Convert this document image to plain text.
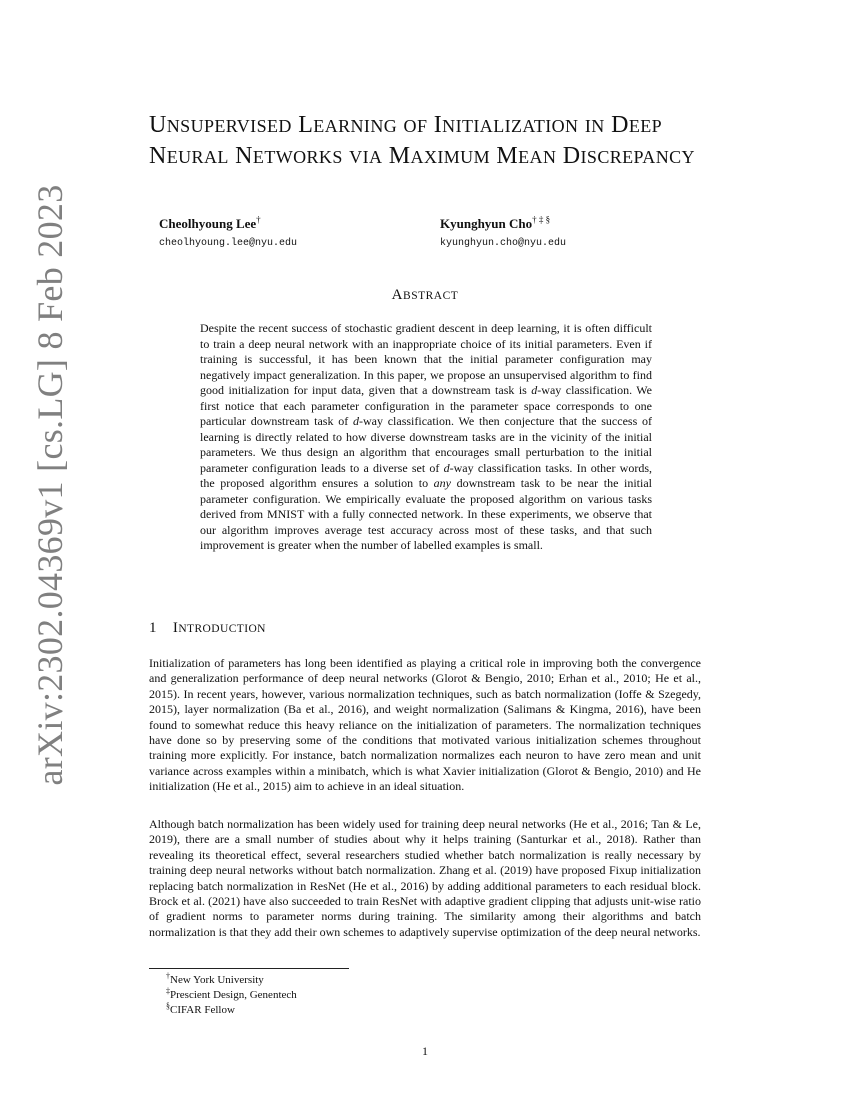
arXiv:2302.04369v1 [cs.LG] 8 Feb 2023
UNSUPERVISED LEARNING OF INITIALIZATION IN DEEP NEURAL NETWORKS VIA MAXIMUM MEAN DISCREPANCY
Cheolhyoung Lee†
cheolhyoung.lee@nyu.edu
Kyunghyun Cho† ‡ §
kyunghyun.cho@nyu.edu
ABSTRACT

Despite the recent success of stochastic gradient descent in deep learning, it is often difficult to train a deep neural network with an inappropriate choice of its initial parameters. Even if training is successful, it has been known that the initial parameter configuration may negatively impact generalization. In this paper, we propose an unsupervised algorithm to find good initialization for input data, given that a downstream task is d-way classification. We first notice that each parameter configuration in the parameter space corresponds to one particular downstream task of d-way classification. We then conjecture that the success of learning is directly related to how diverse downstream tasks are in the vicinity of the initial parameters. We thus design an algorithm that encourages small perturbation to the initial parameter configuration leads to a diverse set of d-way classification tasks. In other words, the proposed algorithm ensures a solution to any downstream task to be near the initial parameter configuration. We empirically evaluate the proposed algorithm on various tasks derived from MNIST with a fully connected network. In these experiments, we observe that our algorithm improves average test accuracy across most of these tasks, and that such improvement is greater when the number of labelled examples is small.

1 INTRODUCTION

Initialization of parameters has long been identified as playing a critical role in improving both the convergence and generalization performance of deep neural networks (Glorot & Bengio, 2010; Erhan et al., 2010; He et al., 2015). In recent years, however, various normalization techniques, such as batch normalization (Ioffe & Szegedy, 2015), layer normalization (Ba et al., 2016), and weight normalization (Salimans & Kingma, 2016), have been found to somewhat reduce this heavy reliance on the initialization of parameters. The normalization techniques have done so by preserving some of the conditions that motivated various initialization schemes throughout training more explicitly. For instance, batch normalization normalizes each neuron to have zero mean and unit variance across examples within a minibatch, which is what Xavier initialization (Glorot & Bengio, 2010) and He initialization (He et al., 2015) aim to achieve in an ideal situation.

Although batch normalization has been widely used for training deep neural networks (He et al., 2016; Tan & Le, 2019), there are a small number of studies about why it helps training (Santurkar et al., 2018). Rather than revealing its theoretical effect, several researchers studied whether batch normalization is really necessary by training deep neural networks without batch normalization. Zhang et al. (2019) have proposed Fixup initialization replacing batch normalization in ResNet (He et al., 2016) by adding additional parameters to each residual block. Brock et al. (2021) have also succeeded to train ResNet with adaptive gradient clipping that adjusts unit-wise ratio of gradient norms to parameter norms during training. The similarity among their algorithms and batch normalization is that they add their own schemes to adaptively supervise optimization of the deep neural networks.

†New York University
‡Prescient Design, Genentech
§CIFAR Fellow
1
